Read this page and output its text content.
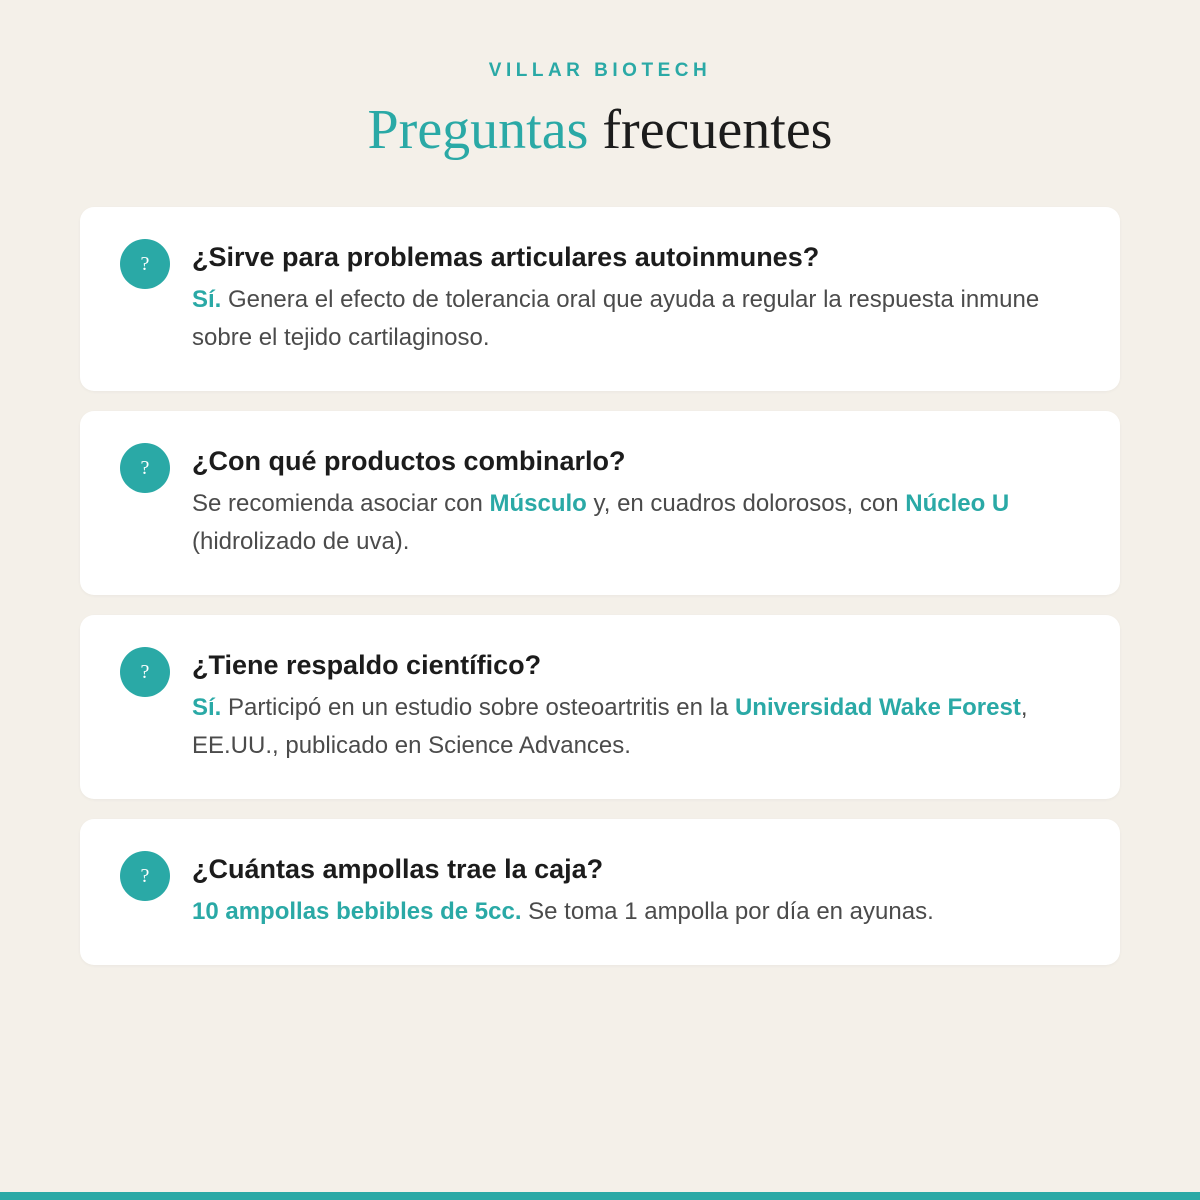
VILLAR BIOTECH

Preguntas frecuentes
?	¿Sirve para problemas articulares autoinmunes?

Sí. Genera el efecto de tolerancia oral que ayuda a regular la respuesta inmune sobre el tejido cartilaginoso.

?	¿Con qué productos combinarlo?

Se recomienda asociar con Músculo y, en cuadros dolorosos, con Núcleo U (hidrolizado de uva).

?	¿Tiene respaldo científico?

Sí. Participó en un estudio sobre osteoartritis en la Universidad Wake Forest, EE.UU., publicado en Science Advances.

?	¿Cuántas ampollas trae la caja?

10 ampollas bebibles de 5cc. Se toma 1 ampolla por día en ayunas.
